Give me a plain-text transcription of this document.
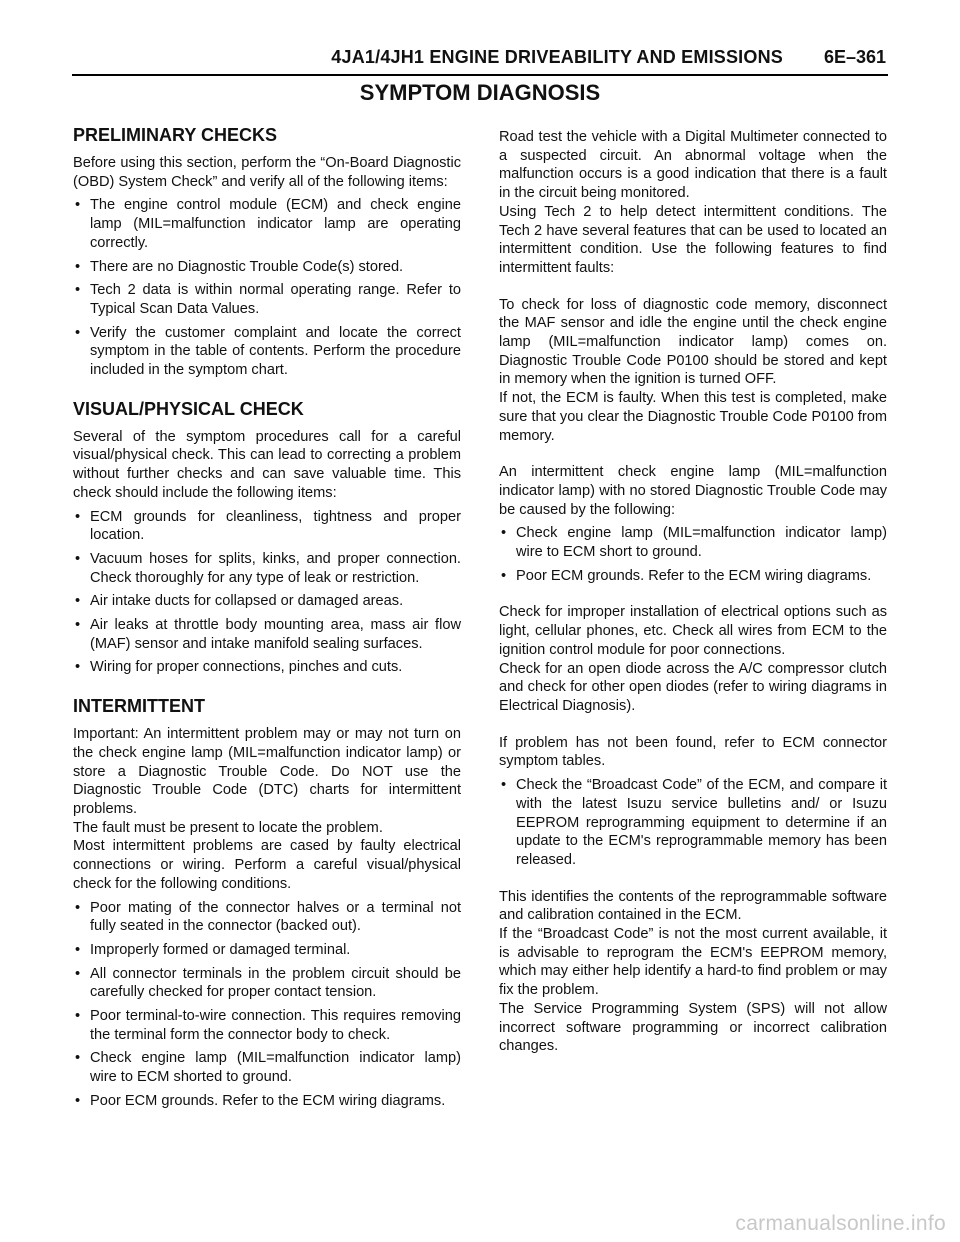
4JA1/4JH1 ENGINE DRIVEABILITY AND EMISSIONS 6E–361
SYMPTOM DIAGNOSIS
PRELIMINARY CHECKS

Before using this section, perform the “On-Board Diagnostic (OBD) System Check” and verify all of the following items:

• The engine control module (ECM) and check engine lamp (MIL=malfunction indicator lamp are operating correctly.
• There are no Diagnostic Trouble Code(s) stored.
• Tech 2 data is within normal operating range. Refer to Typical Scan Data Values.
• Verify the customer complaint and locate the correct symptom in the table of contents. Perform the procedure included in the symptom chart.
VISUAL/PHYSICAL CHECK

Several of the symptom procedures call for a careful visual/physical check. This can lead to correcting a problem without further checks and can save valuable time. This check should include the following items:

• ECM grounds for cleanliness, tightness and proper location.
• Vacuum hoses for splits, kinks, and proper connection. Check thoroughly for any type of leak or restriction.
• Air intake ducts for collapsed or damaged areas.
• Air leaks at throttle body mounting area, mass air flow (MAF) sensor and intake manifold sealing surfaces.
• Wiring for proper connections, pinches and cuts.
INTERMITTENT

Important: An intermittent problem may or may not turn on the check engine lamp (MIL=malfunction indicator lamp) or store a Diagnostic Trouble Code. Do NOT use the Diagnostic Trouble Code (DTC) charts for intermittent problems.

The fault must be present to locate the problem.

Most intermittent problems are cased by faulty electrical connections or wiring. Perform a careful visual/physical check for the following conditions.

• Poor mating of the connector halves or a terminal not fully seated in the connector (backed out).
• Improperly formed or damaged terminal.
• All connector terminals in the problem circuit should be carefully checked for proper contact tension.
• Poor terminal-to-wire connection. This requires removing the terminal form the connector body to check.
• Check engine lamp (MIL=malfunction indicator lamp) wire to ECM shorted to ground.
• Poor ECM grounds. Refer to the ECM wiring diagrams.

Road test the vehicle with a Digital Multimeter connected to a suspected circuit. An abnormal voltage when the malfunction occurs is a good indication that there is a fault in the circuit being monitored.

Using Tech 2 to help detect intermittent conditions. The Tech 2 have several features that can be used to located an intermittent condition. Use the following features to find intermittent faults:

To check for loss of diagnostic code memory, disconnect the MAF sensor and idle the engine until the check engine lamp (MIL=malfunction indicator lamp) comes on. Diagnostic Trouble Code P0100 should be stored and kept in memory when the ignition is turned OFF.

If not, the ECM is faulty. When this test is completed, make sure that you clear the Diagnostic Trouble Code P0100 from memory.

An intermittent check engine lamp (MIL=malfunction indicator lamp) with no stored Diagnostic Trouble Code may be caused by the following:

• Check engine lamp (MIL=malfunction indicator lamp) wire to ECM short to ground.
• Poor ECM grounds. Refer to the ECM wiring diagrams.

Check for improper installation of electrical options such as light, cellular phones, etc. Check all wires from ECM to the ignition control module for poor connections.

Check for an open diode across the A/C compressor clutch and check for other open diodes (refer to wiring diagrams in Electrical Diagnosis).

If problem has not been found, refer to ECM connector symptom tables.

• Check the “Broadcast Code” of the ECM, and compare it with the latest Isuzu service bulletins and/ or Isuzu EEPROM reprogramming equipment to determine if an update to the ECM's reprogrammable memory has been released.

This identifies the contents of the reprogrammable software and calibration contained in the ECM.

If the “Broadcast Code” is not the most current available, it is advisable to reprogram the ECM's EEPROM memory, which may either help identify a hard-to find problem or may fix the problem.

The Service Programming System (SPS) will not allow incorrect software programming or incorrect calibration changes.

carmanualsonline.info
